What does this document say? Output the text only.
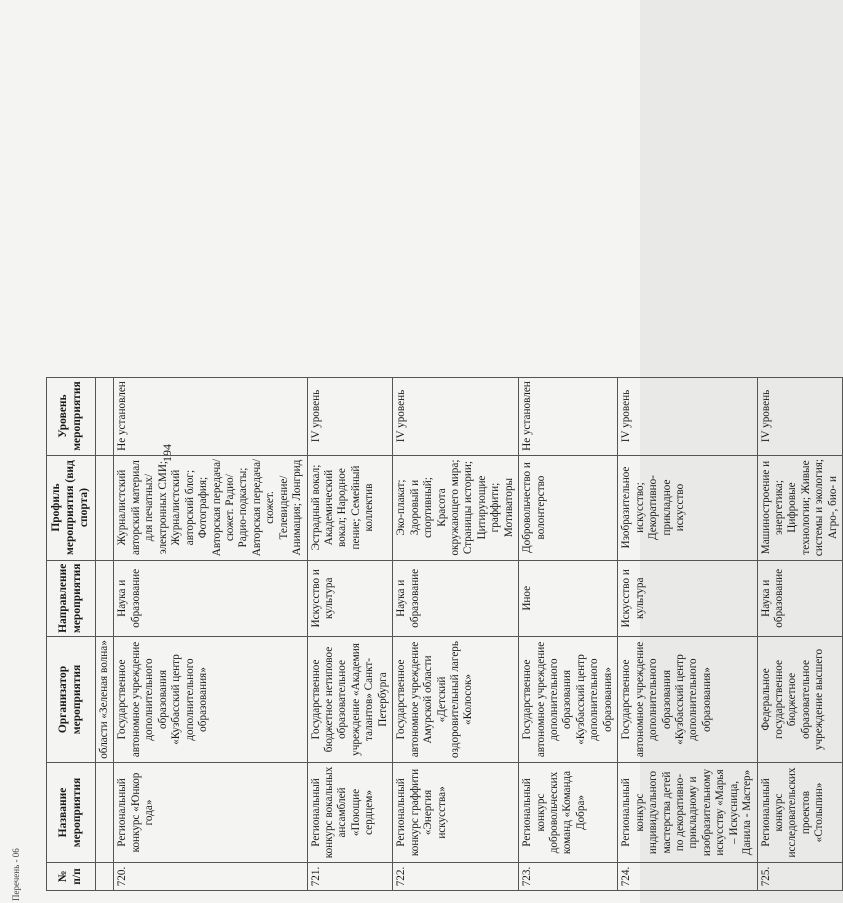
Перечень - 06
194
№ п/п	Название мероприятия	Организатор мероприятия	Направление мероприятия	Профиль мероприятия (вид спорта)	Уровень мероприятия
		области «Зеленая волна»			
720.	Региональный конкурс «Юнкор года»	Государственное автономное учреждение дополнительного образования «Кузбасский центр дополнительного образования»	Наука и образование	Журналистский авторский материал для печатных/электронных СМИ; Журналистский авторский блог; Фотография; Авторская передача/сюжет. Радио/ Радио-подкасты; Авторская передача/ сюжет. Телевидение/ Анимация; Лонгрид	Не установлен
721.	Региональный конкурс вокальных ансамблей «Поющие сердцем»	Государственное бюджетное нетиповое образовательное учреждение «Академия талантов» Санкт-Петербурга	Искусство и культура	Эстрадный вокал; Академический вокал; Народное пение; Семейный коллектив	IV уровень
722.	Региональный конкурс граффити «Энергия искусства»	Государственное автономное учреждение Амурской области «Детский оздоровительный лагерь «Колосок»	Наука и образование	Эко-плакат; Здоровый и спортивный; Красота окружающего мира; Страницы истории; Цитирующие граффити; Мотиваторы	IV уровень
723.	Региональный конкурс добровольческих команд «Команда Добра»	Государственное автономное учреждение дополнительного образования «Кузбасский центр дополнительного образования»	Иное	Добровольчество и волонтерство	Не установлен
724.	Региональный конкурс индивидуального мастерства детей по декоративно-прикладному и изобразительному искусству «Марья – Искусница, Данила - Мастер»	Государственное автономное учреждение дополнительного образования «Кузбасский центр дополнительного образования»	Искусство и культура	Изобразительное искусство; Декоративно-прикладное искусство	IV уровень
725.	Региональный конкурс исследовательских проектов «Столыпин»	Федеральное государственное бюджетное образовательное учреждение высшего	Наука и образование	Машиностроение и энергетика; Цифровые технологии; Живые системы и экология; Агро-, био- и	IV уровень
